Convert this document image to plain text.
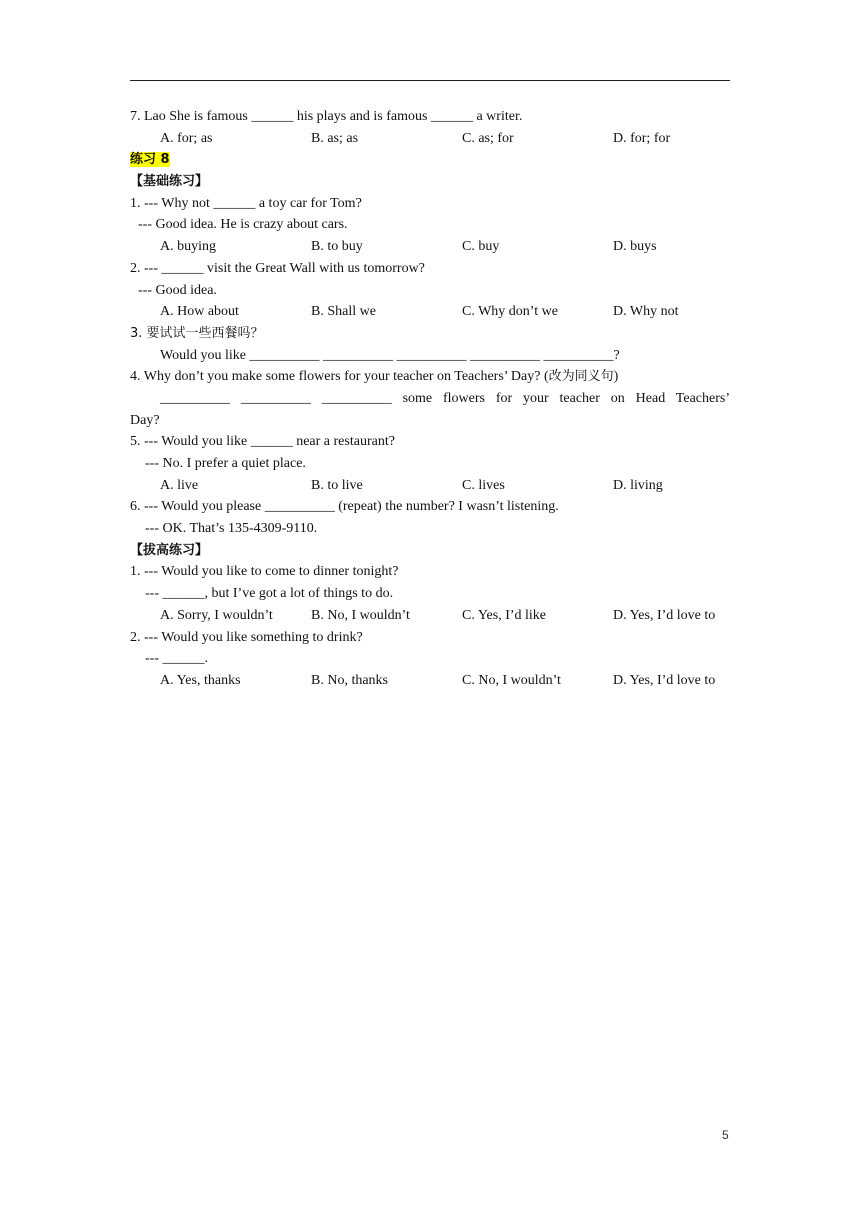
7. Lao She is famous ______ his plays and is famous ______ a writer.
A. for; as	B. as; as	C. as; for	D. for; for
练习 8
【基础练习】
1. --- Why not ______ a toy car for Tom?
--- Good idea. He is crazy about cars.
A. buying	B. to buy	C. buy	D. buys
2. --- ______ visit the Great Wall with us tomorrow?
--- Good idea.
A. How about	B. Shall we	C. Why don’t we	D. Why not
3. 要试试一些西餐吗？
Would you like __________ __________ __________ __________ __________?
4. Why don’t you make some flowers for your teacher on Teachers’ Day? (改为同义句)
__________ __________ __________ some flowers for your teacher on Head Teachers’
Day?
5. --- Would you like ______ near a restaurant?
--- No. I prefer a quiet place.
A. live	B. to live	C. lives	D. living
6. --- Would you please __________ (repeat) the number? I wasn’t listening.
--- OK. That’s 135-4309-9110.
【拔高练习】
1. --- Would you like to come to dinner tonight?
--- ______, but I’ve got a lot of things to do.
A. Sorry, I wouldn’t	B. No, I wouldn’t	C. Yes, I’d like	D. Yes, I’d love to
2. --- Would you like something to drink?
--- ______.
A. Yes, thanks	B. No, thanks	C. No, I wouldn’t	D. Yes, I’d love to
5
